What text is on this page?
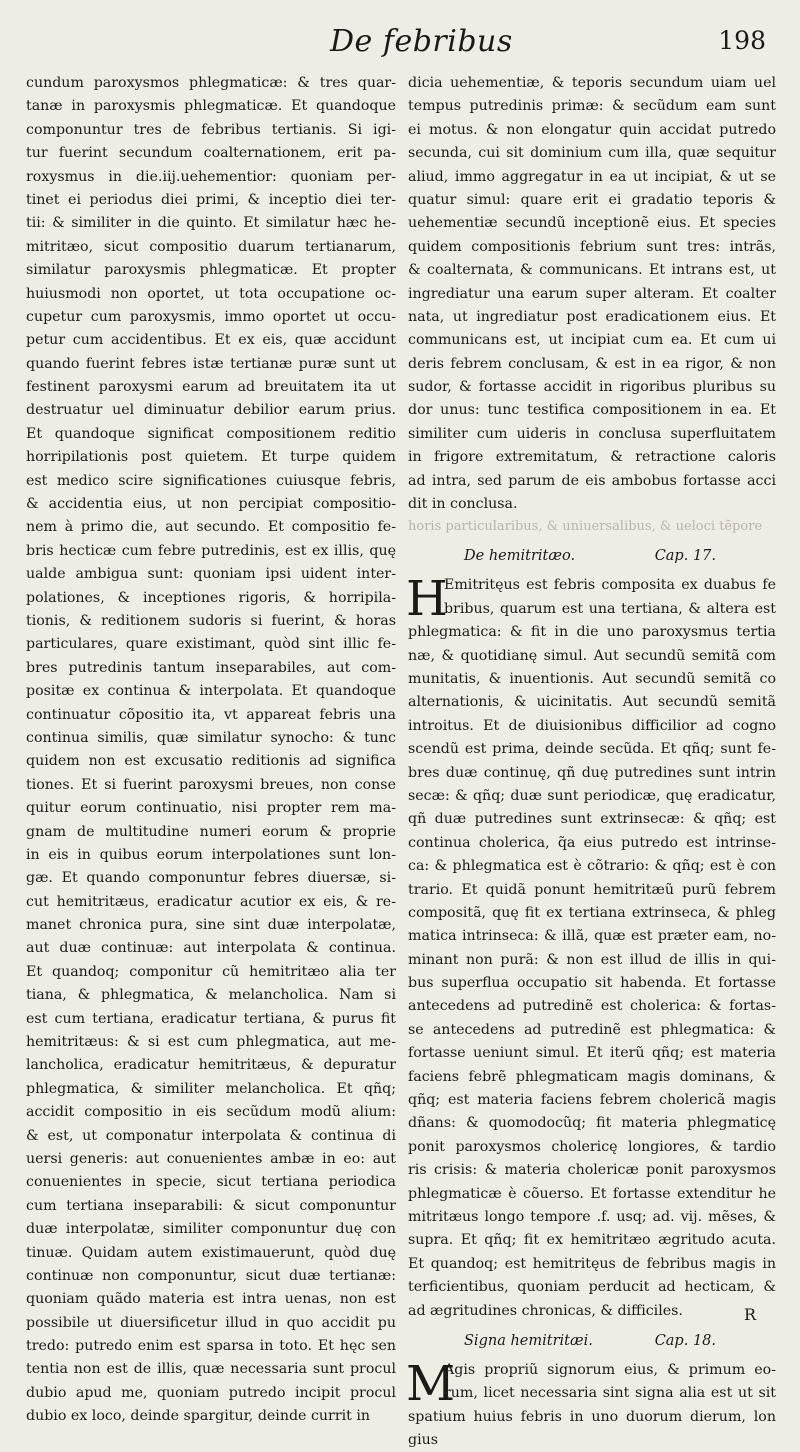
De febribus	198
cundum paroxysmos phlegmaticæ: & tres quar-
tanæ in paroxysmis phlegmaticæ. Et quandoque
componuntur tres de febribus tertianis. Si igi-
tur fuerint secundum coalternationem, erit pa-
roxysmus in die.iij.uehementior: quoniam per-
tinet ei periodus diei primi, & inceptio diei ter-
tii: & similiter in die quinto. Et similatur hæc he-
mitritæo, sicut compositio duarum tertianarum,
similatur paroxysmis phlegmaticæ. Et propter
huiusmodi non oportet, ut tota occupatione oc-
cupetur cum paroxysmis, immo oportet ut occu-
petur cum accidentibus. Et ex eis, quæ accidunt
quando fuerint febres istæ tertianæ puræ sunt ut
festinent paroxysmi earum ad breuitatem ita ut
destruatur uel diminuatur debilior earum prius.
Et quandoque significat compositionem reditio
horripilationis post quietem. Et turpe quidem
est medico scire significationes cuiusque febris,
& accidentia eius, ut non percipiat compositio-
nem à primo die, aut secundo. Et compositio fe-
bris hecticæ cum febre putredinis, est ex illis, quę
ualde ambigua sunt: quoniam ipsi uident inter-
polationes, & inceptiones rigoris, & horripila-
tionis, & reditionem sudoris si fuerint, & horas
particulares, quare existimant, quòd sint illic fe-
bres putredinis tantum inseparabiles, aut com-
positæ ex continua & interpolata. Et quandoque
continuatur cõpositio ita, vt appareat febris una
continua similis, quæ similatur synocho: & tunc
quidem non est excusatio reditionis ad significa
tiones. Et si fuerint paroxysmi breues, non conse
quitur eorum continuatio, nisi propter rem ma-
gnam de multitudine numeri eorum & proprie
in eis in quibus eorum interpolationes sunt lon-
gæ. Et quando componuntur febres diuersæ, si-
cut hemitritæus, eradicatur acutior ex eis, & re-
manet chronica pura, sine sint duæ interpolatæ,
aut duæ continuæ: aut interpolata & continua.
Et quandoq; componitur cũ hemitritæo alia ter
tiana, & phlegmatica, & melancholica. Nam si
est cum tertiana, eradicatur tertiana, & purus fit
hemitritæus: & si est cum phlegmatica, aut me-
lancholica, eradicatur hemitritæus, & depuratur
phlegmatica, & similiter melancholica. Et qñq;
accidit compositio in eis secũdum modũ alium:
& est, ut componatur interpolata & continua di
uersi generis: aut conuenientes ambæ in eo: aut
conuenientes in specie, sicut tertiana periodica
cum tertiana inseparabili: & sicut componuntur
duæ interpolatæ, similiter componuntur duę con
tinuæ. Quidam autem existimauerunt, quòd duę
continuæ non componuntur, sicut duæ tertianæ:
quoniam quãdo materia est intra uenas, non est
possibile ut diuersificetur illud in quo accidit pu
tredo: putredo enim est sparsa in toto. Et hęc sen
tentia non est de illis, quæ necessaria sunt procul
dubio apud me, quoniam putredo incipit procul
dubio ex loco, deinde spargitur, deinde currit in
dicia uehementiæ, & teporis secundum uiam uel
tempus putredinis primæ: & secũdum eam sunt
ei motus. & non elongatur quin accidat putredo
secunda, cui sit dominium cum illa, quæ sequitur
aliud, immo aggregatur in ea ut incipiat, & ut se
quatur simul: quare erit ei gradatio teporis &
uehementiæ secundũ inceptionẽ eius. Et species
quidem compositionis febrium sunt tres: intrãs,
& coalternata, & communicans. Et intrans est, ut
ingrediatur una earum super alteram. Et coalter
nata, ut ingrediatur post eradicationem eius. Et
communicans est, ut incipiat cum ea. Et cum ui
deris febrem conclusam, & est in ea rigor, & non
sudor, & fortasse accidit in rigoribus pluribus su
dor unus: tunc testifica compositionem in ea. Et
similiter cum uideris in conclusa superfluitatem
in frigore extremitatum, & retractione caloris
ad intra, sed parum de eis ambobus fortasse acci
dit in conclusa.
horis particularibus, & uniuersalibus, & ueloci tẽpore
De hemitritæo.	Cap. 17.
H
Emitritęus est febris composita ex duabus fe
bribus, quarum est una tertiana, & altera est
phlegmatica: & fit in die uno paroxysmus tertia
næ, & quotidianę simul. Aut secundũ semitã com
munitatis, & inuentionis. Aut secundũ semitã co
alternationis, & uicinitatis. Aut secundũ semitã
introitus. Et de diuisionibus difficilior ad cogno
scendũ est prima, deinde secũda. Et qñq; sunt fe-
bres duæ continuę, qñ duę putredines sunt intrin
secæ: & qñq; duæ sunt periodicæ, quę eradicatur,
qñ duæ putredines sunt extrinsecæ: & qñq; est
continua cholerica, q̃a eius putredo est intrinse-
ca: & phlegmatica est è cõtrario: & qñq; est è con
trario. Et quidã ponunt hemitritæũ purũ febrem
compositã, quę fit ex tertiana extrinseca, & phleg
matica intrinseca: & illã, quæ est præter eam, no-
minant non purã: & non est illud de illis in qui-
bus superflua occupatio sit habenda. Et fortasse
antecedens ad putredinẽ est cholerica: & fortas-
se antecedens ad putredinẽ est phlegmatica: &
fortasse ueniunt simul. Et iterũ qñq; est materia
faciens febrẽ phlegmaticam magis dominans, &
qñq; est materia faciens febrem cholericã magis
dñans: & quomodocũq; fit materia phlegmaticę
ponit paroxysmos cholericę longiores, & tardio
ris crisis: & materia cholericæ ponit paroxysmos
phlegmaticæ è cõuerso. Et fortasse extenditur he
mitritæus longo tempore .f. usq; ad. vij. mẽses, &
supra. Et qñq; fit ex hemitritæo ægritudo acuta.
Et quandoq; est hemitritęus de febribus magis in
terficientibus, quoniam perducit ad hecticam, &
ad ægritudines chronicas, & difficiles.
Signa hemitritæi.	Cap. 18.
M
Agis propriũ signorum eius, & primum eo-
rum, licet necessaria sint signa alia est ut sit
spatium huius febris in uno duorum dierum, lon
gius
R
